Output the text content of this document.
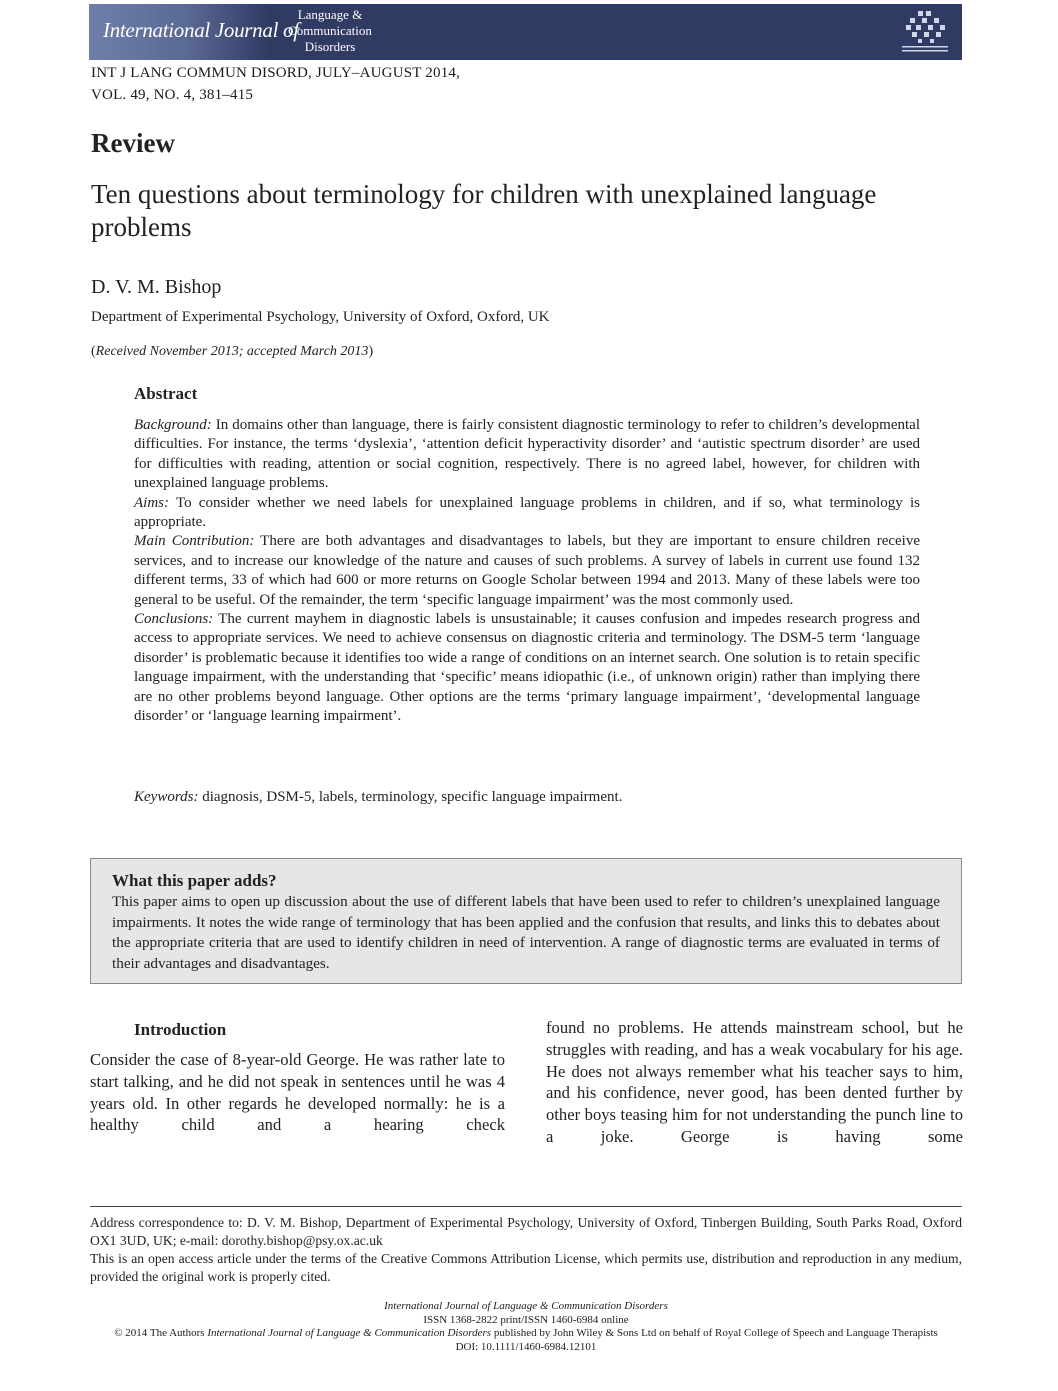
International Journal of
Language &
Communication
Disorders
INT J LANG COMMUN DISORD, JULY–AUGUST 2014,
VOL. 49, NO. 4, 381–415
Review
Ten questions about terminology for children with unexplained language problems
D. V. M. Bishop
Department of Experimental Psychology, University of Oxford, Oxford, UK
(Received November 2013; accepted March 2013)
Abstract

Background: In domains other than language, there is fairly consistent diagnostic terminology to refer to children’s developmental difficulties. For instance, the terms ‘dyslexia’, ‘attention deficit hyperactivity disorder’ and ‘autistic spectrum disorder’ are used for difficulties with reading, attention or social cognition, respectively. There is no agreed label, however, for children with unexplained language problems.

Aims: To consider whether we need labels for unexplained language problems in children, and if so, what terminology is appropriate.

Main Contribution: There are both advantages and disadvantages to labels, but they are important to ensure children receive services, and to increase our knowledge of the nature and causes of such problems. A survey of labels in current use found 132 different terms, 33 of which had 600 or more returns on Google Scholar between 1994 and 2013. Many of these labels were too general to be useful. Of the remainder, the term ‘specific language impairment’ was the most commonly used.

Conclusions: The current mayhem in diagnostic labels is unsustainable; it causes confusion and impedes research progress and access to appropriate services. We need to achieve consensus on diagnostic criteria and terminology. The DSM-5 term ‘language disorder’ is problematic because it identifies too wide a range of conditions on an internet search. One solution is to retain specific language impairment, with the understanding that ‘specific’ means idiopathic (i.e., of unknown origin) rather than implying there are no other problems beyond language. Other options are the terms ‘primary language impairment’, ‘developmental language disorder’ or ‘language learning impairment’.

Keywords: diagnosis, DSM-5, labels, terminology, specific language impairment.
What this paper adds?
This paper aims to open up discussion about the use of different labels that have been used to refer to children’s unexplained language impairments. It notes the wide range of terminology that has been applied and the confusion that results, and links this to debates about the appropriate criteria that are used to identify children in need of intervention. A range of diagnostic terms are evaluated in terms of their advantages and disadvantages.
Introduction
Consider the case of 8-year-old George. He was rather late to start talking, and he did not speak in sentences until he was 4 years old. In other regards he developed normally: he is a healthy child and a hearing check
found no problems. He attends mainstream school, but he struggles with reading, and has a weak vocabulary for his age. He does not always remember what his teacher says to him, and his confidence, never good, has been dented further by other boys teasing him for not understanding the punch line to a joke. George is having some
Address correspondence to: D. V. M. Bishop, Department of Experimental Psychology, University of Oxford, Tinbergen Building, South Parks Road, Oxford OX1 3UD, UK; e-mail: dorothy.bishop@psy.ox.ac.uk
This is an open access article under the terms of the Creative Commons Attribution License, which permits use, distribution and reproduction in any medium, provided the original work is properly cited.
International Journal of Language & Communication Disorders
ISSN 1368-2822 print/ISSN 1460-6984 online
© 2014 The Authors International Journal of Language & Communication Disorders published by John Wiley & Sons Ltd on behalf of Royal College of Speech and Language Therapists
DOI: 10.1111/1460-6984.12101
